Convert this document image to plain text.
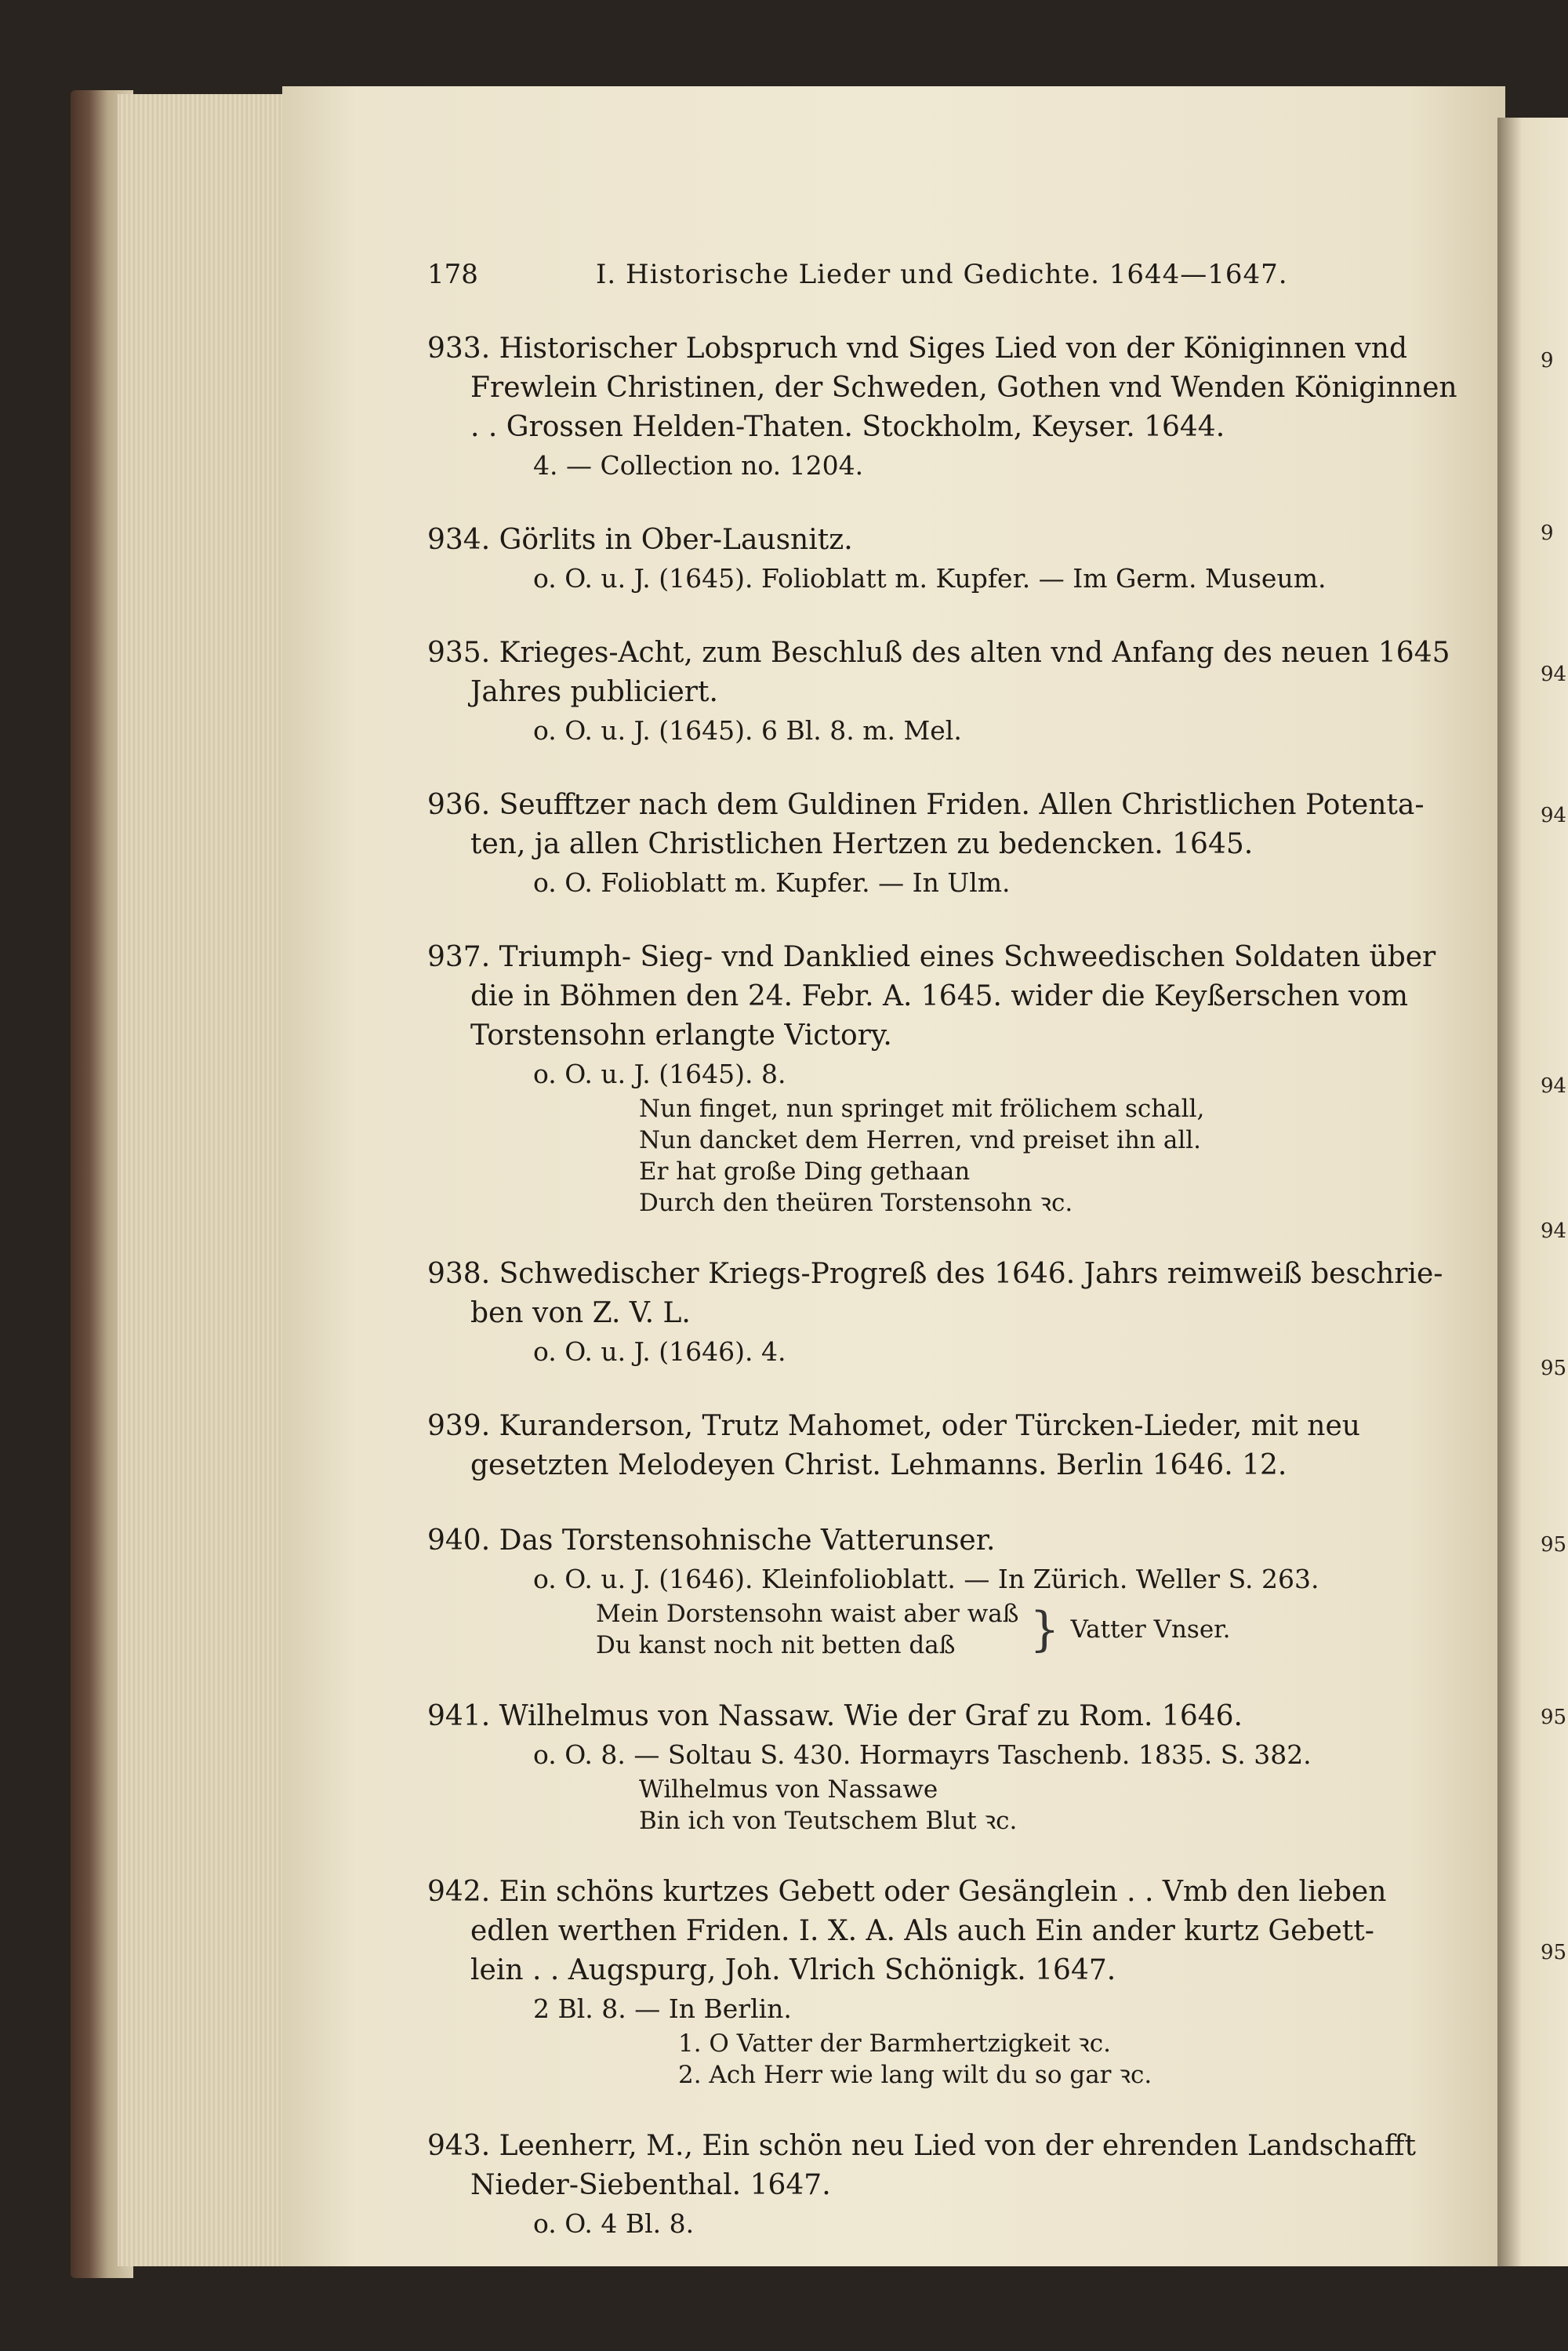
178	I. Historische Lieder und Gedichte. 1644—1647.
933. Historischer Lobspruch vnd Siges Lied von der Königinnen vnd
Frewlein Christinen, der Schweden, Gothen vnd Wenden Königinnen
. . Grossen Helden-Thaten. Stockholm, Keyser. 1644.
4. — Collection no. 1204.
934. Görlits in Ober-Lausnitz.
o. O. u. J. (1645). Folioblatt m. Kupfer. — Im Germ. Museum.
935. Krieges-Acht, zum Beschluß des alten vnd Anfang des neuen 1645
Jahres publiciert.
o. O. u. J. (1645). 6 Bl. 8. m. Mel.
936. Seufftzer nach dem Guldinen Friden. Allen Christlichen Potenta-
ten, ja allen Christlichen Hertzen zu bedencken. 1645.
o. O. Folioblatt m. Kupfer. — In Ulm.
937. Triumph- Sieg- vnd Danklied eines Schweedischen Soldaten über
die in Böhmen den 24. Febr. A. 1645. wider die Keyßerschen vom
Torstensohn erlangte Victory.
o. O. u. J. (1645). 8.
Nun finget, nun springet mit frölichem schall,
Nun dancket dem Herren, vnd preiset ihn all.
Er hat große Ding gethaan
Durch den theüren Torstensohn ꝛc.
938. Schwedischer Kriegs-Progreß des 1646. Jahrs reimweiß beschrie-
ben von Z. V. L.
o. O. u. J. (1646). 4.
939. Kuranderson, Trutz Mahomet, oder Türcken-Lieder, mit neu
gesetzten Melodeyen Christ. Lehmanns. Berlin 1646. 12.
940. Das Torstensohnische Vatterunser.
o. O. u. J. (1646). Kleinfolioblatt. — In Zürich. Weller S. 263.
Mein Dorstensohn waist aber waß
Du kanst noch nit betten daß	} Vatter Vnser.
941. Wilhelmus von Nassaw. Wie der Graf zu Rom. 1646.
o. O. 8. — Soltau S. 430. Hormayrs Taschenb. 1835. S. 382.
Wilhelmus von Nassawe
Bin ich von Teutschem Blut ꝛc.
942. Ein schöns kurtzes Gebett oder Gesänglein . . Vmb den lieben
edlen werthen Friden. I. X. A. Als auch Ein ander kurtz Gebett-
lein . . Augspurg, Joh. Vlrich Schönigk. 1647.
2 Bl. 8. — In Berlin.
1. O Vatter der Barmhertzigkeit ꝛc.
2. Ach Herr wie lang wilt du so gar ꝛc.
943. Leenherr, M., Ein schön neu Lied von der ehrenden Landschafft
Nieder-Siebenthal. 1647.
o. O. 4 Bl. 8.
9
9
94
94
94
94
95
95
95
95
